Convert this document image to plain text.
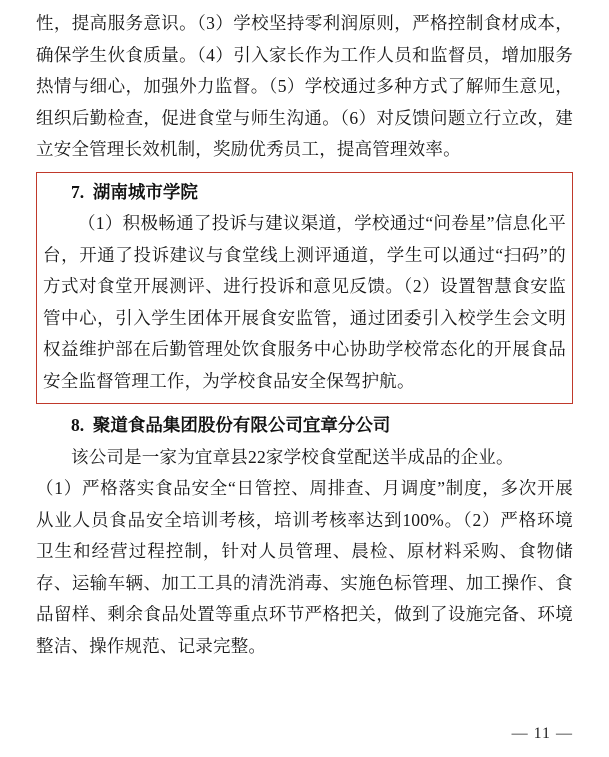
性，提高服务意识。（3）学校坚持零利润原则，严格控制食材成本，确保学生伙食质量。（4）引入家长作为工作人员和监督员，增加服务热情与细心，加强外力监督。（5）学校通过多种方式了解师生意见，组织后勤检查，促进食堂与师生沟通。（6）对反馈问题立行立改，建立安全管理长效机制，奖励优秀员工，提高管理效率。

7. 湖南城市学院

（1）积极畅通了投诉与建议渠道，学校通过“问卷星”信息化平台，开通了投诉建议与食堂线上测评通道，学生可以通过“扫码”的方式对食堂开展测评、进行投诉和意见反馈。（2）设置智慧食安监管中心，引入学生团体开展食安监管，通过团委引入校学生会文明权益维护部在后勤管理处饮食服务中心协助学校常态化的开展食品安全监督管理工作，为学校食品安全保驾护航。

8. 聚道食品集团股份有限公司宜章分公司

该公司是一家为宜章县22家学校食堂配送半成品的企业。

（1）严格落实食品安全“日管控、周排查、月调度”制度，多次开展从业人员食品安全培训考核，培训考核率达到100%。（2）严格环境卫生和经营过程控制，针对人员管理、晨检、原材料采购、食物储存、运输车辆、加工工具的清洗消毒、实施色标管理、加工操作、食品留样、剩余食品处置等重点环节严格把关，做到了设施完备、环境整洁、操作规范、记录完整。

— 11 —
